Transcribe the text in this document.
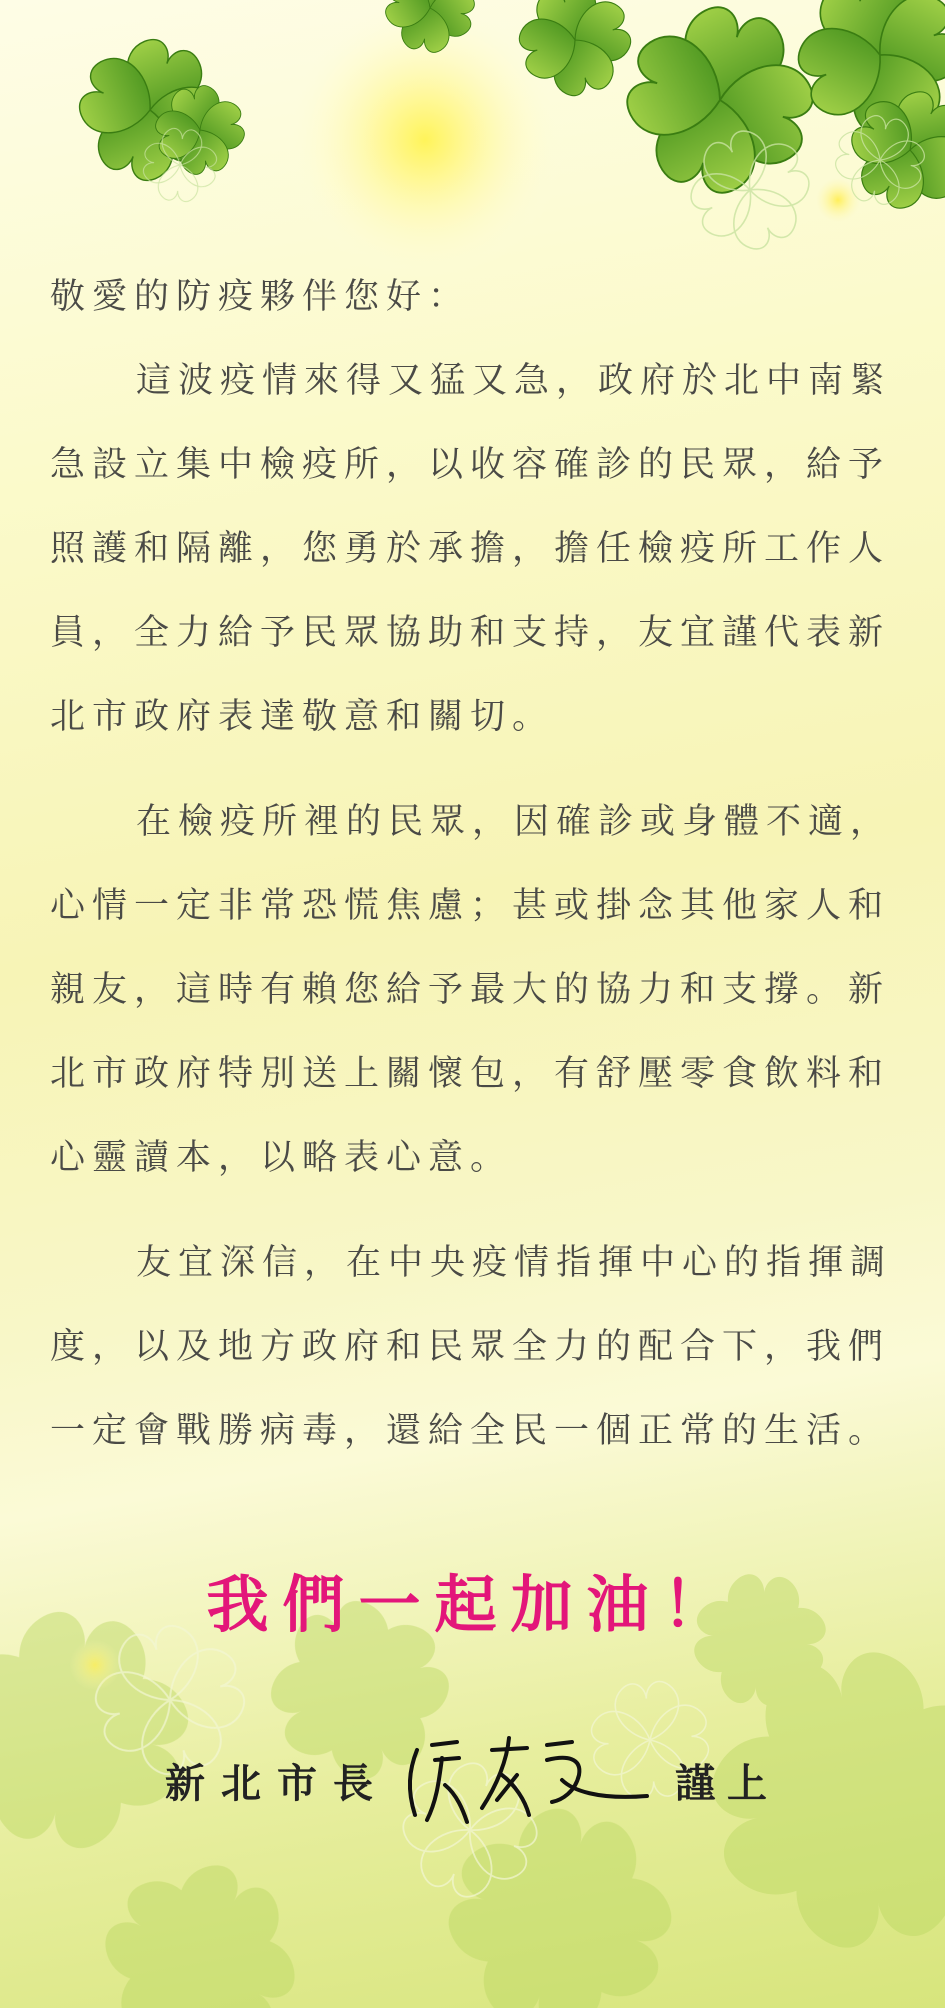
敬愛的防疫夥伴您好：

這波疫情來得又猛又急，政府於北中南緊急設立集中檢疫所，以收容確診的民眾，給予照護和隔離，您勇於承擔，擔任檢疫所工作人員，全力給予民眾協助和支持，友宜謹代表新北市政府表達敬意和關切。

在檢疫所裡的民眾，因確診或身體不適，心情一定非常恐慌焦慮；甚或掛念其他家人和親友，這時有賴您給予最大的協力和支撐。新北市政府特別送上關懷包，有舒壓零食飲料和心靈讀本，以略表心意。

友宜深信，在中央疫情指揮中心的指揮調度，以及地方政府和民眾全力的配合下，我們一定會戰勝病毒，還給全民一個正常的生活。

我們一起加油！
新北市長	謹上
